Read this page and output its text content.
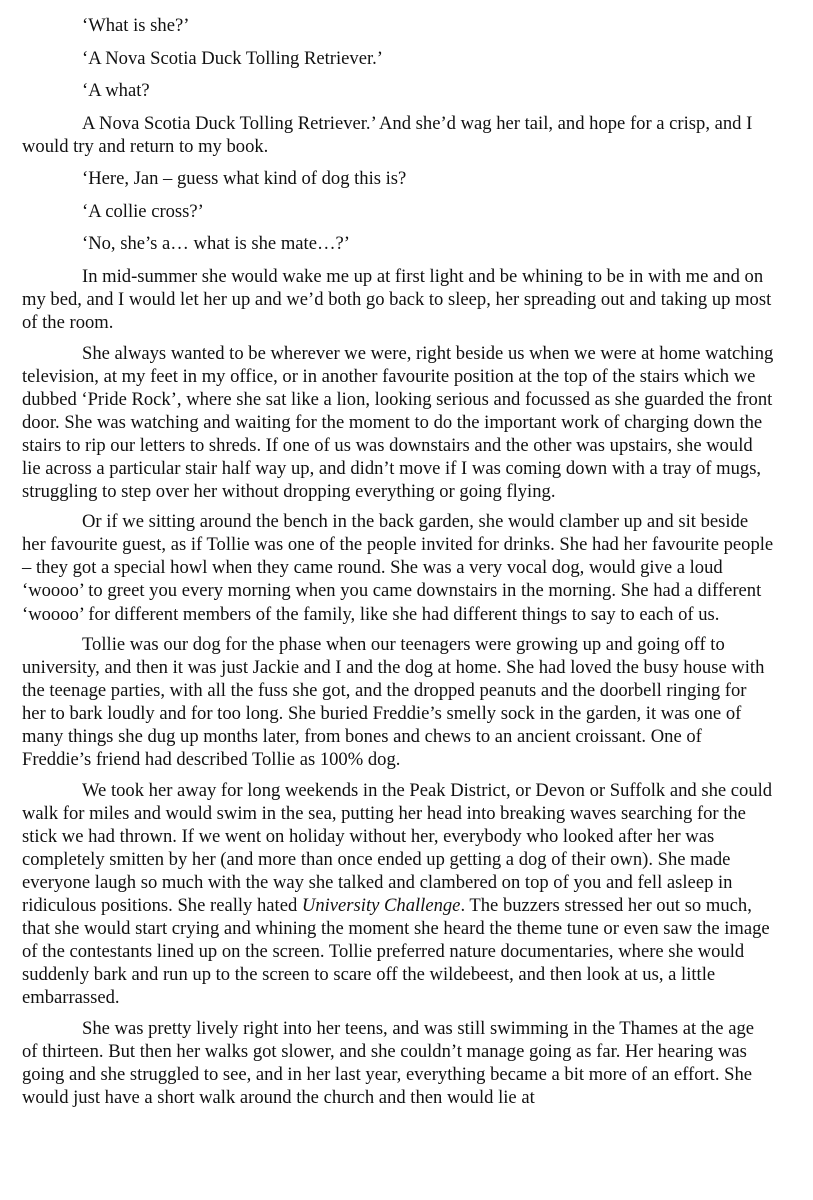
‘What is she?’

‘A Nova Scotia Duck Tolling Retriever.’

‘A what?

A Nova Scotia Duck Tolling Retriever.’ And she’d wag her tail, and hope for a crisp, and I would try and return to my book.

‘Here, Jan – guess what kind of dog this is?

‘A collie cross?’

‘No, she’s a… what is she mate…?’

In mid-summer she would wake me up at first light and be whining to be in with me and on my bed, and I would let her up and we’d both go back to sleep, her spreading out and taking up most of the room.

She always wanted to be wherever we were, right beside us when we were at home watching television, at my feet in my office, or in another favourite position at the top of the stairs which we dubbed ‘Pride Rock’, where she sat like a lion, looking serious and focussed as she guarded the front door. She was watching and waiting for the moment to do the important work of charging down the stairs to rip our letters to shreds. If one of us was downstairs and the other was upstairs, she would lie across a particular stair half way up, and didn’t move if I was coming down with a tray of mugs, struggling to step over her without dropping everything or going flying.

Or if we sitting around the bench in the back garden, she would clamber up and sit beside her favourite guest, as if Tollie was one of the people invited for drinks. She had her favourite people – they got a special howl when they came round. She was a very vocal dog, would give a loud ‘woooo’ to greet you every morning when you came downstairs in the morning. She had a different ‘woooo’ for different members of the family, like she had different things to say to each of us.

Tollie was our dog for the phase when our teenagers were growing up and going off to university, and then it was just Jackie and I and the dog at home. She had loved the busy house with the teenage parties, with all the fuss she got, and the dropped peanuts and the doorbell ringing for her to bark loudly and for too long. She buried Freddie’s smelly sock in the garden, it was one of many things she dug up months later, from bones and chews to an ancient croissant. One of Freddie’s friend had described Tollie as 100% dog.

We took her away for long weekends in the Peak District, or Devon or Suffolk and she could walk for miles and would swim in the sea, putting her head into breaking waves searching for the stick we had thrown. If we went on holiday without her, everybody who looked after her was completely smitten by her (and more than once ended up getting a dog of their own). She made everyone laugh so much with the way she talked and clambered on top of you and fell asleep in ridiculous positions. She really hated University Challenge. The buzzers stressed her out so much, that she would start crying and whining the moment she heard the theme tune or even saw the image of the contestants lined up on the screen. Tollie preferred nature documentaries, where she would suddenly bark and run up to the screen to scare off the wildebeest, and then look at us, a little embarrassed.

She was pretty lively right into her teens, and was still swimming in the Thames at the age of thirteen. But then her walks got slower, and she couldn’t manage going as far. Her hearing was going and she struggled to see, and in her last year, everything became a bit more of an effort. She would just have a short walk around the church and then would lie at
